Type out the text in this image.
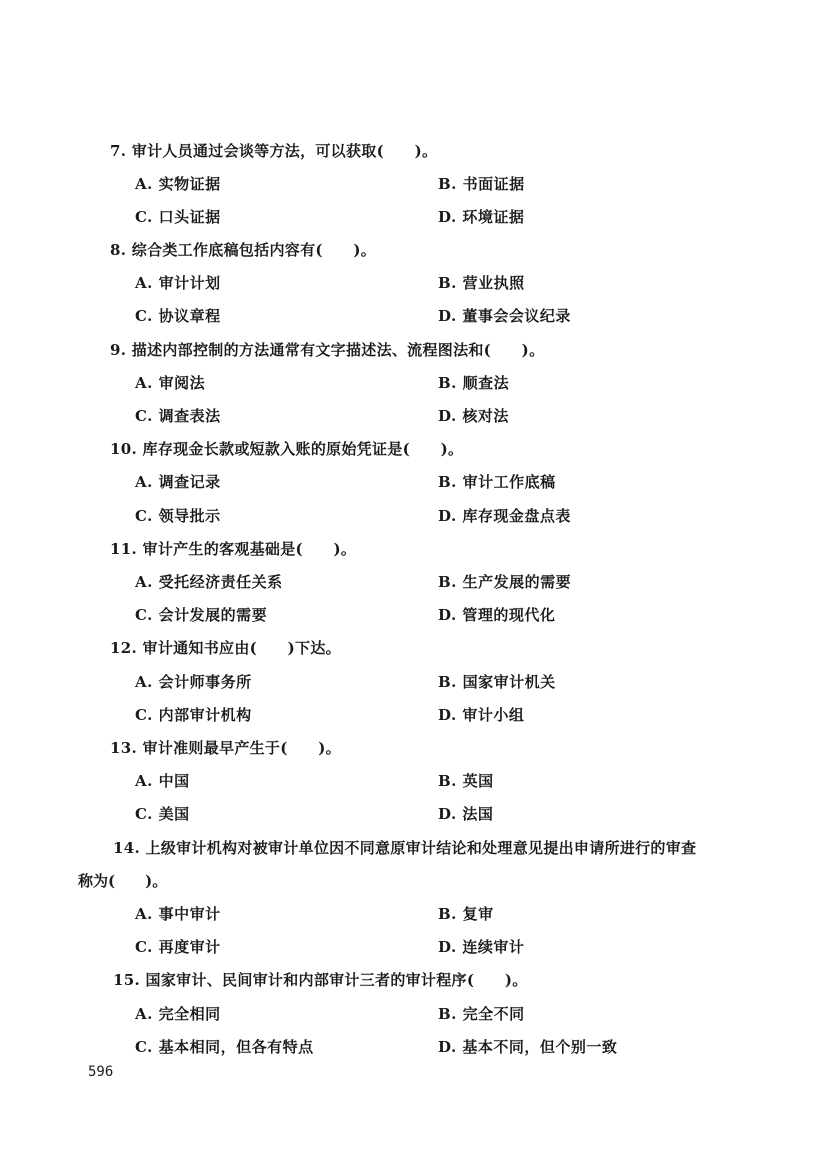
7. 审计人员通过会谈等方法，可以获取(　　)。
A. 实物证据	B. 书面证据
C. 口头证据	D. 环境证据
8. 综合类工作底稿包括内容有(　　)。
A. 审计计划	B. 营业执照
C. 协议章程	D. 董事会会议纪录
9. 描述内部控制的方法通常有文字描述法、流程图法和(　　)。
A. 审阅法	B. 顺查法
C. 调查表法	D. 核对法
10. 库存现金长款或短款入账的原始凭证是(　　)。
A. 调查记录	B. 审计工作底稿
C. 领导批示	D. 库存现金盘点表
11. 审计产生的客观基础是(　　)。
A. 受托经济责任关系	B. 生产发展的需要
C. 会计发展的需要	D. 管理的现代化
12. 审计通知书应由(　　)下达。
A. 会计师事务所	B. 国家审计机关
C. 内部审计机构	D. 审计小组
13. 审计准则最早产生于(　　)。
A. 中国	B. 英国
C. 美国	D. 法国
14. 上级审计机构对被审计单位因不同意原审计结论和处理意见提出申请所进行的审查
称为(　　)。
A. 事中审计	B. 复审
C. 再度审计	D. 连续审计
15. 国家审计、民间审计和内部审计三者的审计程序(　　)。
A. 完全相同	B. 完全不同
C. 基本相同，但各有特点	D. 基本不同，但个别一致
596
